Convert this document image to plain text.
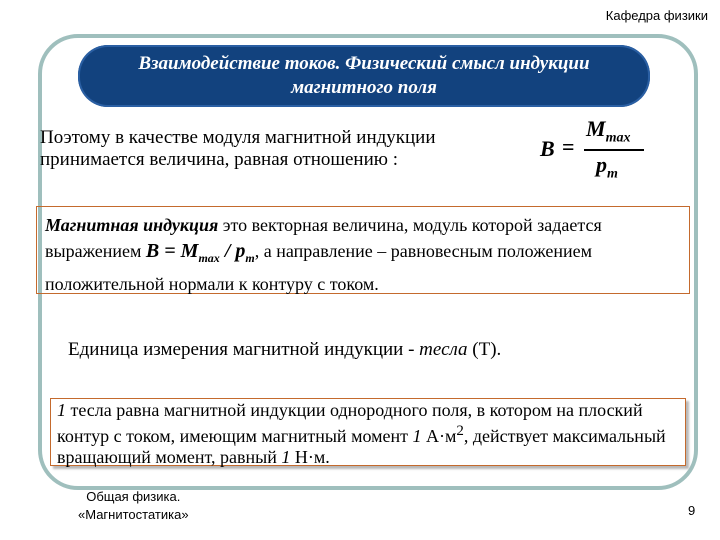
Кафедра физики
Взаимодействие токов. Физический смысл индукции
магнитного поля
Поэтому в качестве модуля магнитной индукции
принимается величина, равная отношению :	B =
$M_{max}$
$p_m$
Магнитная индукция это векторная величина, модуль которой задается выражением $B = M_{max} / p_m$, а направление – равновесным положением положительной нормали к контуру с током.
Единица измерения магнитной индукции - тесла (Т).
1 тесла равна магнитной индукции однородного поля, в котором на плоский контур с током, имеющим магнитный момент 1 $А\cdot м^2$, действует максимальный вращающий момент, равный 1 Н·м.
Общая физика.
«Магнитостатика»	9
